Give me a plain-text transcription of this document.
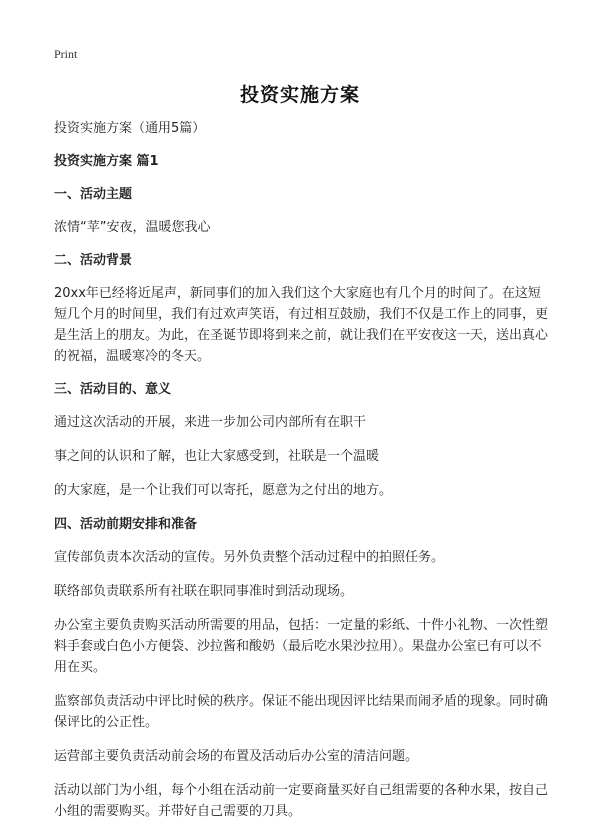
Print
投资实施方案

投资实施方案（通用5篇）

投资实施方案 篇1

一、活动主题

浓情“苹”安夜，温暖您我心

二、活动背景

20xx年已经将近尾声，新同事们的加入我们这个大家庭也有几个月的时间了。在这短短几个月的时间里，我们有过欢声笑语，有过相互鼓励，我们不仅是工作上的同事，更是生活上的朋友。为此，在圣诞节即将到来之前，就让我们在平安夜这一天，送出真心的祝福，温暖寒冷的冬天。

三、活动目的、意义

通过这次活动的开展，来进一步加公司内部所有在职干

事之间的认识和了解，也让大家感受到，社联是一个温暖

的大家庭，是一个让我们可以寄托，愿意为之付出的地方。

四、活动前期安排和准备

宣传部负责本次活动的宣传。另外负责整个活动过程中的拍照任务。

联络部负责联系所有社联在职同事准时到活动现场。

办公室主要负责购买活动所需要的用品，包括：一定量的彩纸、十件小礼物、一次性塑料手套或白色小方便袋、沙拉酱和酸奶（最后吃水果沙拉用）。果盘办公室已有可以不用在买。

监察部负责活动中评比时候的秩序。保证不能出现因评比结果而闹矛盾的现象。同时确保评比的公正性。

运营部主要负责活动前会场的布置及活动后办公室的清洁问题。

活动以部门为小组，每个小组在活动前一定要商量买好自己组需要的各种水果，按自己小组的需要购买。并带好自己需要的刀具。
